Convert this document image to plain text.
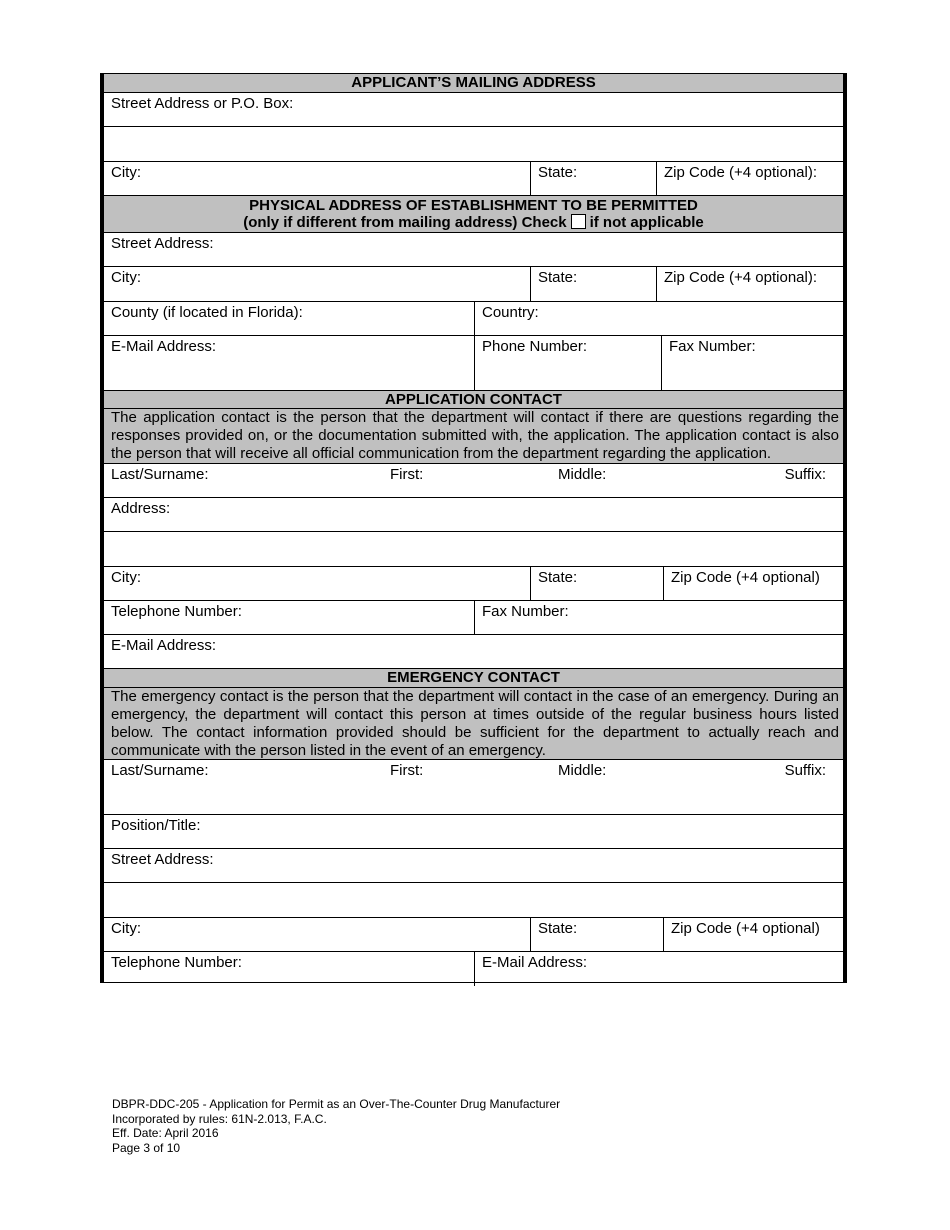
APPLICANT’S MAILING ADDRESS
Street Address or P.O. Box:
City:	State:	Zip Code (+4 optional):
PHYSICAL ADDRESS OF ESTABLISHMENT TO BE PERMITTED
(only if different from mailing address) Check if not applicable
Street Address:
City:	State:	Zip Code (+4 optional):
County (if located in Florida):	Country:
E-Mail Address:	Phone Number:	Fax Number:
APPLICATION CONTACT
The application contact is the person that the department will contact if there are questions regarding the responses provided on, or the documentation submitted with, the application. The application contact is also the person that will receive all official communication from the department regarding the application.
Last/Surname:	First:	Middle:	Suffix:
Address:
City:	State:	Zip Code (+4 optional)
Telephone Number:	Fax Number:
E-Mail Address:
EMERGENCY CONTACT
The emergency contact is the person that the department will contact in the case of an emergency. During an emergency, the department will contact this person at times outside of the regular business hours listed below. The contact information provided should be sufficient for the department to actually reach and communicate with the person listed in the event of an emergency.
Last/Surname:	First:	Middle:	Suffix:
Position/Title:
Street Address:
City:	State:	Zip Code (+4 optional)
Telephone Number:	E-Mail Address:
DBPR-DDC-205 - Application for Permit as an Over-The-Counter Drug Manufacturer
Incorporated by rules: 61N-2.013, F.A.C.
Eff. Date: April 2016
Page 3 of 10
